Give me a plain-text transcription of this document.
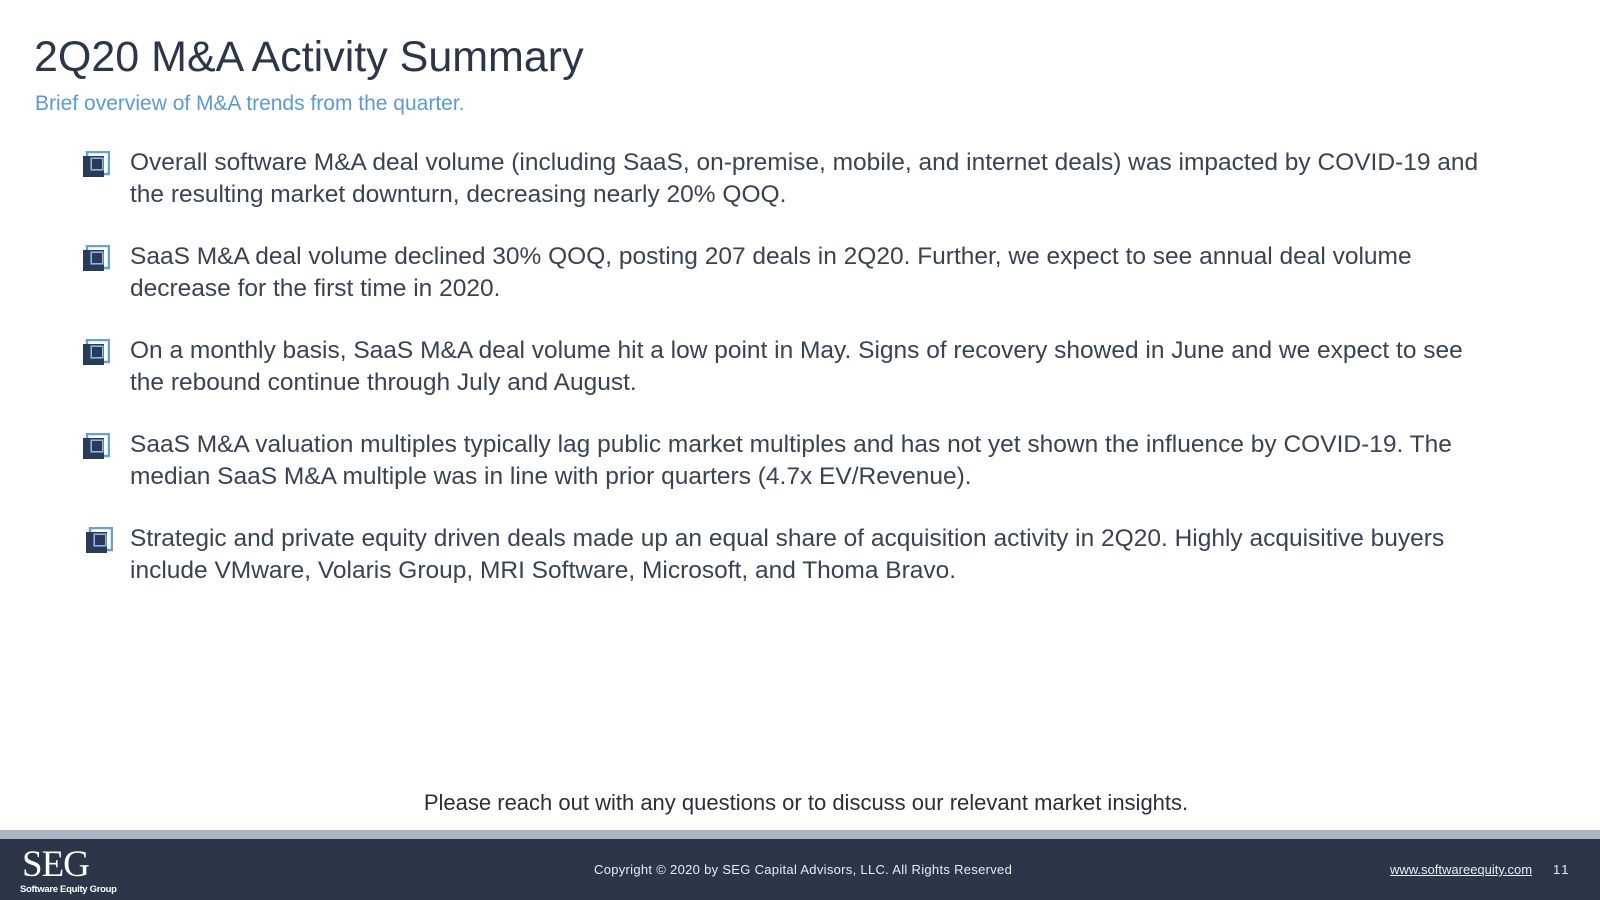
2Q20 M&A Activity Summary
Brief overview of M&A trends from the quarter.
Overall software M&A deal volume (including SaaS, on-premise, mobile, and internet deals) was impacted by COVID-19 and the resulting market downturn, decreasing nearly 20% QOQ.
SaaS M&A deal volume declined 30% QOQ, posting 207 deals in 2Q20. Further, we expect to see annual deal volume decrease for the first time in 2020.
On a monthly basis, SaaS M&A deal volume hit a low point in May. Signs of recovery showed in June and we expect to see the rebound continue through July and August.
SaaS M&A valuation multiples typically lag public market multiples and has not yet shown the influence by COVID-19. The median SaaS M&A multiple was in line with prior quarters (4.7x EV/Revenue).
Strategic and private equity driven deals made up an equal share of acquisition activity in 2Q20. Highly acquisitive buyers include VMware, Volaris Group, MRI Software, Microsoft, and Thoma Bravo.
Please reach out with any questions or to discuss our relevant market insights.
SEG
Software Equity Group
Copyright © 2020 by SEG Capital Advisors, LLC. All Rights Reserved	www.softwareequity.com 11
